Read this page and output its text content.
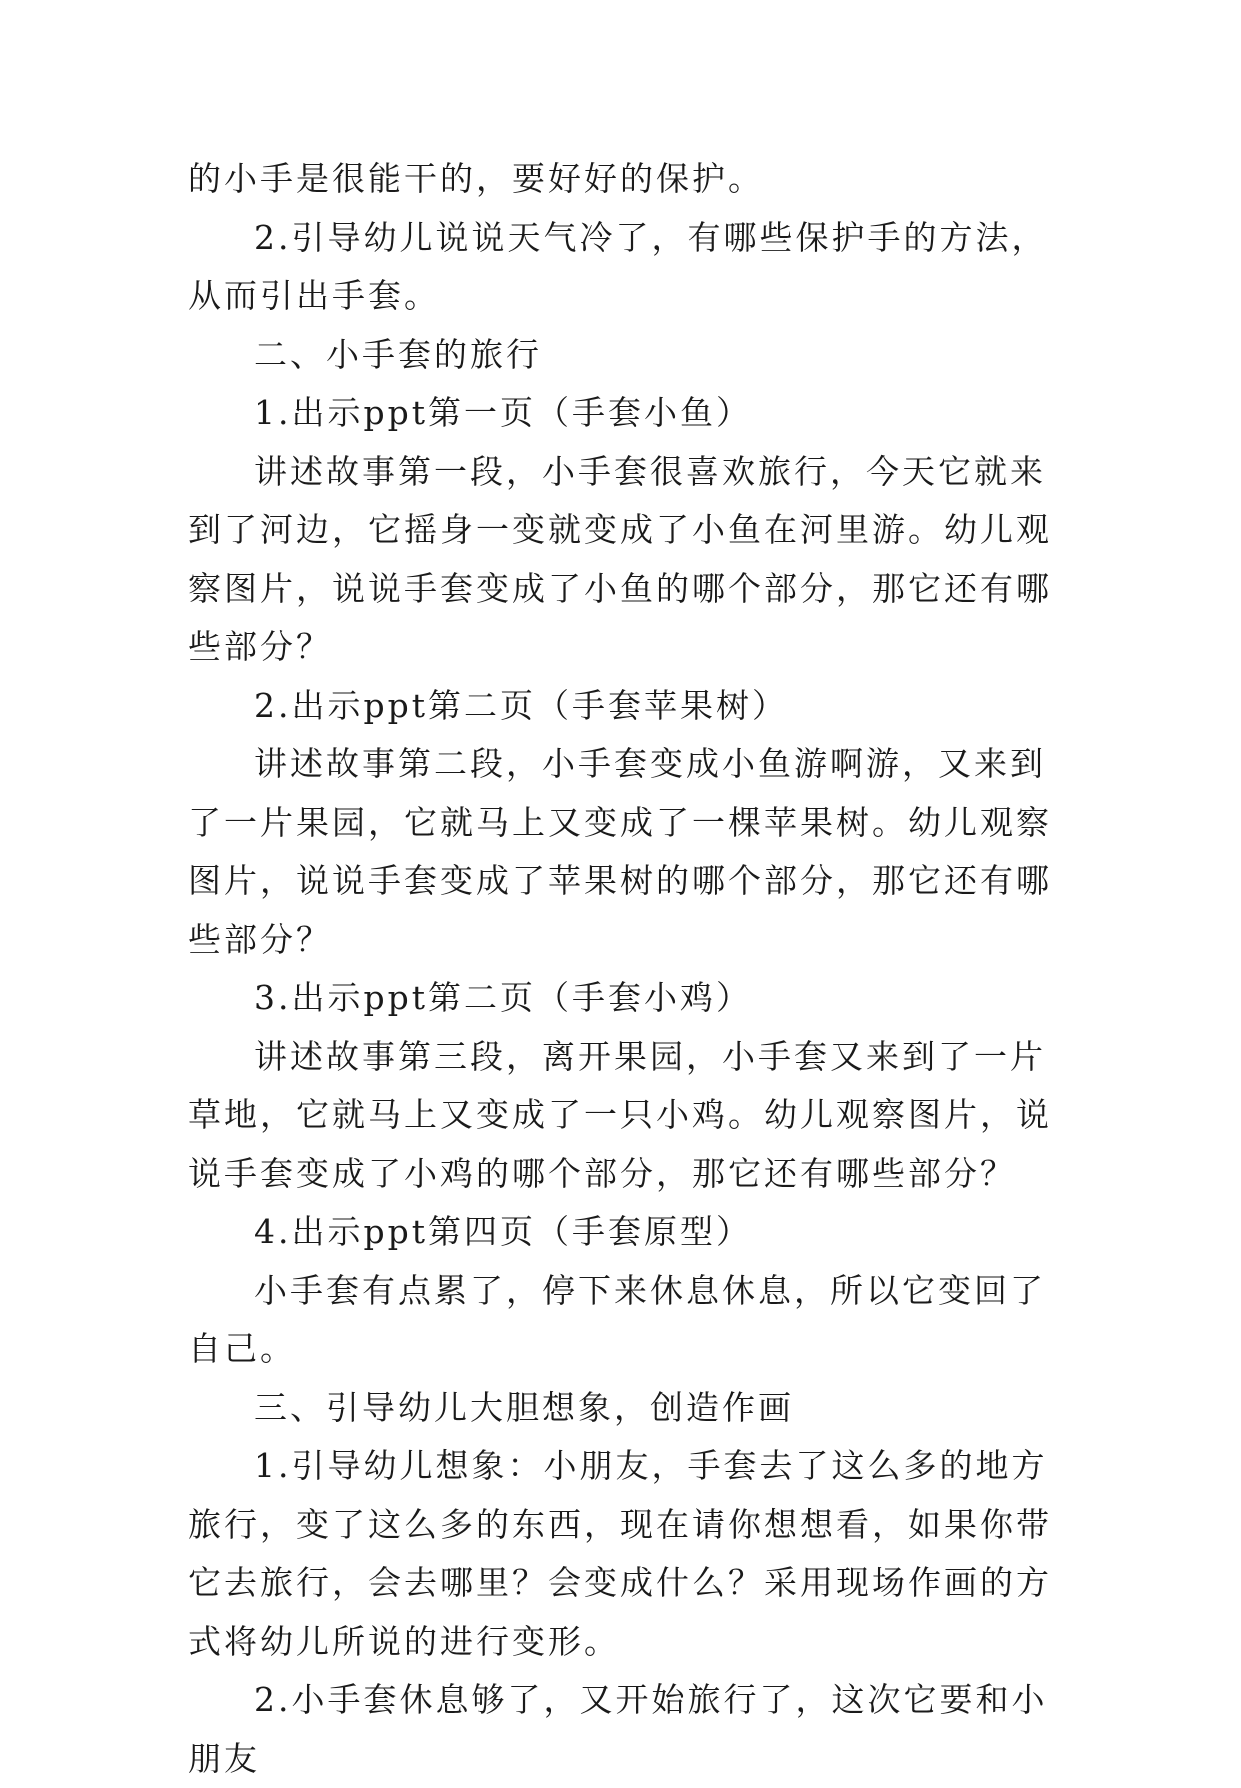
的小手是很能干的，要好好的保护。

2.引导幼儿说说天气冷了，有哪些保护手的方法，从而引出手套。

二、小手套的旅行

1.出示ppt第一页（手套小鱼）

讲述故事第一段，小手套很喜欢旅行，今天它就来到了河边，它摇身一变就变成了小鱼在河里游。幼儿观察图片，说说手套变成了小鱼的哪个部分，那它还有哪些部分？

2.出示ppt第二页（手套苹果树）

讲述故事第二段，小手套变成小鱼游啊游，又来到了一片果园，它就马上又变成了一棵苹果树。幼儿观察图片，说说手套变成了苹果树的哪个部分，那它还有哪些部分？

3.出示ppt第二页（手套小鸡）

讲述故事第三段，离开果园，小手套又来到了一片草地，它就马上又变成了一只小鸡。幼儿观察图片，说说手套变成了小鸡的哪个部分，那它还有哪些部分？

4.出示ppt第四页（手套原型）

小手套有点累了，停下来休息休息，所以它变回了自己。

三、引导幼儿大胆想象，创造作画

1.引导幼儿想象：小朋友，手套去了这么多的地方旅行，变了这么多的东西，现在请你想想看，如果你带它去旅行，会去哪里？会变成什么？采用现场作画的方式将幼儿所说的进行变形。

2.小手套休息够了，又开始旅行了，这次它要和小朋友
